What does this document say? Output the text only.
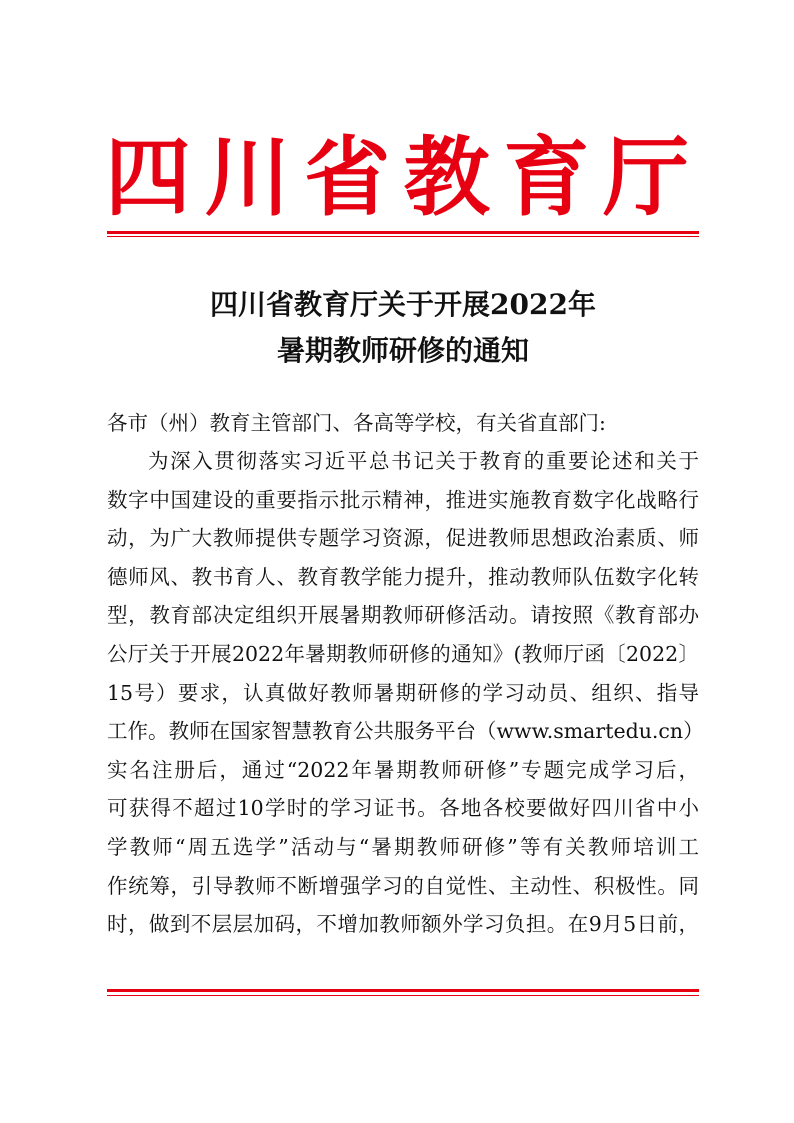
四 川 省 教 育 厅
四川省教育厅关于开展2022年
暑期教师研修的通知
各市（州）教育主管部门、各高等学校，有关省直部门:
为深入贯彻落实习近平总书记关于教育的重要论述和关于
数字中国建设的重要指示批示精神，推进实施教育数字化战略行
动，为广大教师提供专题学习资源，促进教师思想政治素质、师
德师风、教书育人、教育教学能力提升，推动教师队伍数字化转
型，教育部决定组织开展暑期教师研修活动。请按照《教育部办
公厅关于开展2022年暑期教师研修的通知》(教师厅函〔2022〕
15号）要求，认真做好教师暑期研修的学习动员、组织、指导
工作。教师在国家智慧教育公共服务平台（www.smartedu.cn）
实名注册后，通过“2022年暑期教师研修”专题完成学习后，
可获得不超过10学时的学习证书。各地各校要做好四川省中小
学教师“周五选学”活动与“暑期教师研修”等有关教师培训工
作统筹，引导教师不断增强学习的自觉性、主动性、积极性。同
时，做到不层层加码，不增加教师额外学习负担。在9月5日前，
